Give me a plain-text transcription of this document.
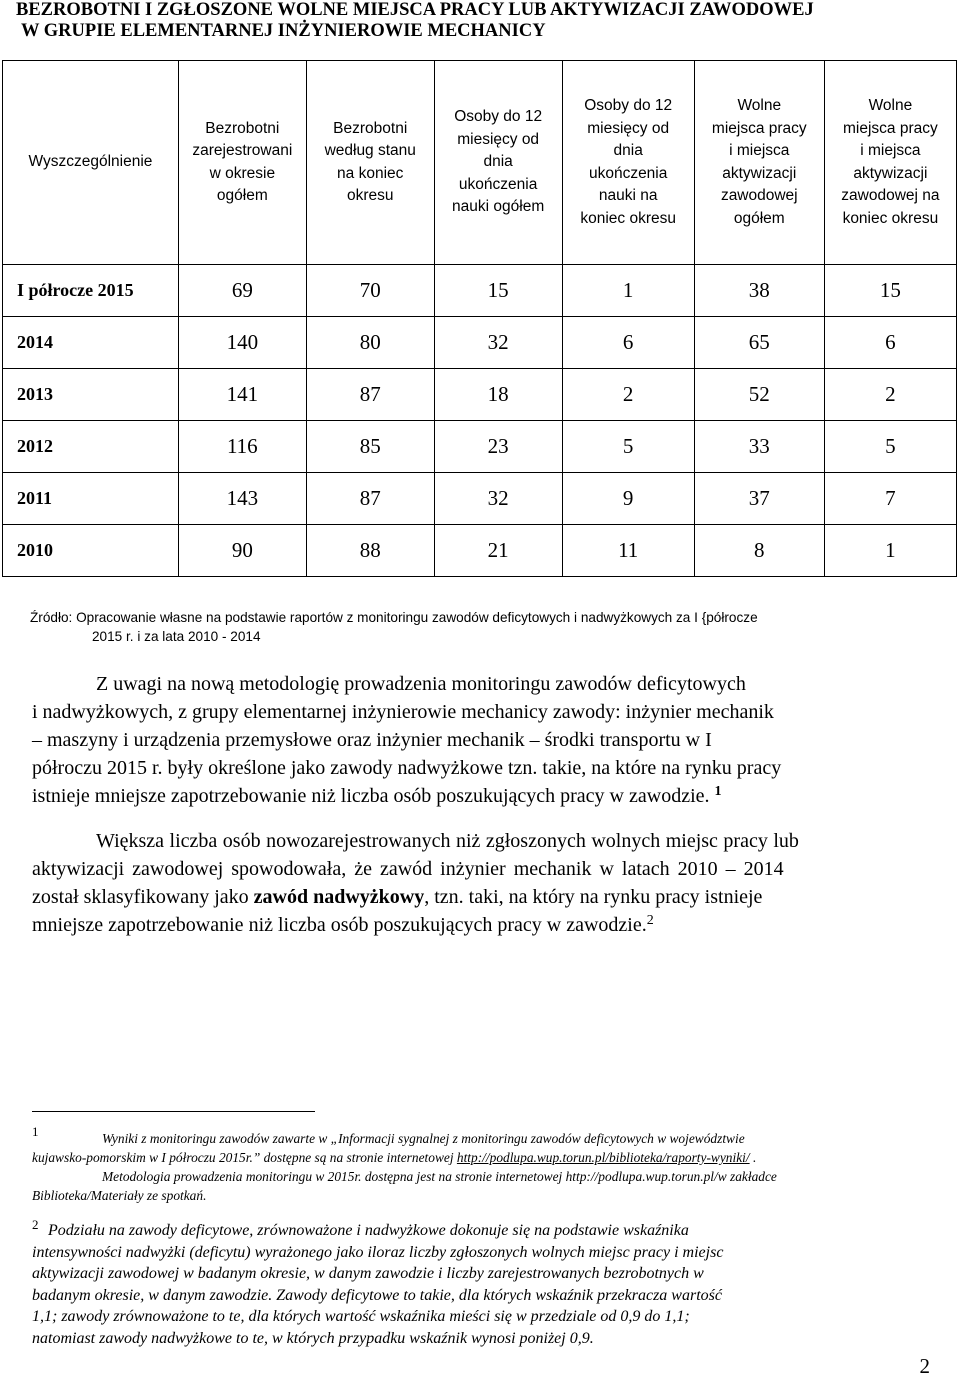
BEZROBOTNI I ZGŁOSZONE WOLNE MIEJSCA PRACY LUB AKTYWIZACJI ZAWODOWEJ
W GRUPIE ELEMENTARNEJ INŻYNIEROWIE MECHANICY
Wyszczególnienie	Bezrobotni zarejestrowani w okresie ogółem	Bezrobotni według stanu na koniec okresu	Osoby do 12 miesięcy od dnia ukończenia nauki ogółem	Osoby do 12 miesięcy od dnia ukończenia nauki na koniec okresu	Wolne miejsca pracy i miejsca aktywizacji zawodowej ogółem	Wolne miejsca pracy i miejsca aktywizacji zawodowej na koniec okresu
I półrocze 2015	69	70	15	1	38	15
2014	140	80	32	6	65	6
2013	141	87	18	2	52	2
2012	116	85	23	5	33	5
2011	143	87	32	9	37	7
2010	90	88	21	11	8	1
Źródło: Opracowanie własne na podstawie raportów z monitoringu zawodów deficytowych i nadwyżkowych za I {półrocze
2015 r. i za lata 2010 - 2014
Z uwagi na nową metodologię prowadzenia monitoringu zawodów deficytowych
i nadwyżkowych, z grupy elementarnej inżynierowie mechanicy zawody: inżynier mechanik
– maszyny i urządzenia przemysłowe oraz inżynier mechanik – środki transportu w I
półroczu 2015 r. były określone jako zawody nadwyżkowe tzn. takie, na które na rynku pracy
istnieje mniejsze zapotrzebowanie niż liczba osób poszukujących pracy w zawodzie. $^1$
Większa liczba osób nowozarejestrowanych niż zgłoszonych wolnych miejsc pracy lub
aktywizacji zawodowej spowodowała, że zawód inżynier mechanik w latach 2010 – 2014
został sklasyfikowany jako zawód nadwyżkowy, tzn. taki, na który na rynku pracy istnieje
mniejsze zapotrzebowanie niż liczba osób poszukujących pracy w zawodzie.$^2$
1	Wyniki z monitoringu zawodów zawarte w „Informacji sygnalnej z monitoringu zawodów deficytowych w województwie
kujawsko-pomorskim w I półroczu 2015r.” dostępne są na stronie internetowej http://podlupa.wup.torun.pl/biblioteka/raporty-wyniki/ .
Metodologia prowadzenia monitoringu w 2015r. dostępna jest na stronie internetowej http://podlupa.wup.torun.pl/w zakładce
Biblioteka/Materiały ze spotkań.
2 Podziału na zawody deficytowe, zrównoważone i nadwyżkowe dokonuje się na podstawie wskaźnika
intensywności nadwyżki (deficytu) wyrażonego jako iloraz liczby zgłoszonych wolnych miejsc pracy i miejsc
aktywizacji zawodowej w badanym okresie, w danym zawodzie i liczby zarejestrowanych bezrobotnych w
badanym okresie, w danym zawodzie. Zawody deficytowe to takie, dla których wskaźnik przekracza wartość
1,1; zawody zrównoważone to te, dla których wartość wskaźnika mieści się w przedziale od 0,9 do 1,1;
natomiast zawody nadwyżkowe to te, w których przypadku wskaźnik wynosi poniżej 0,9.
2
